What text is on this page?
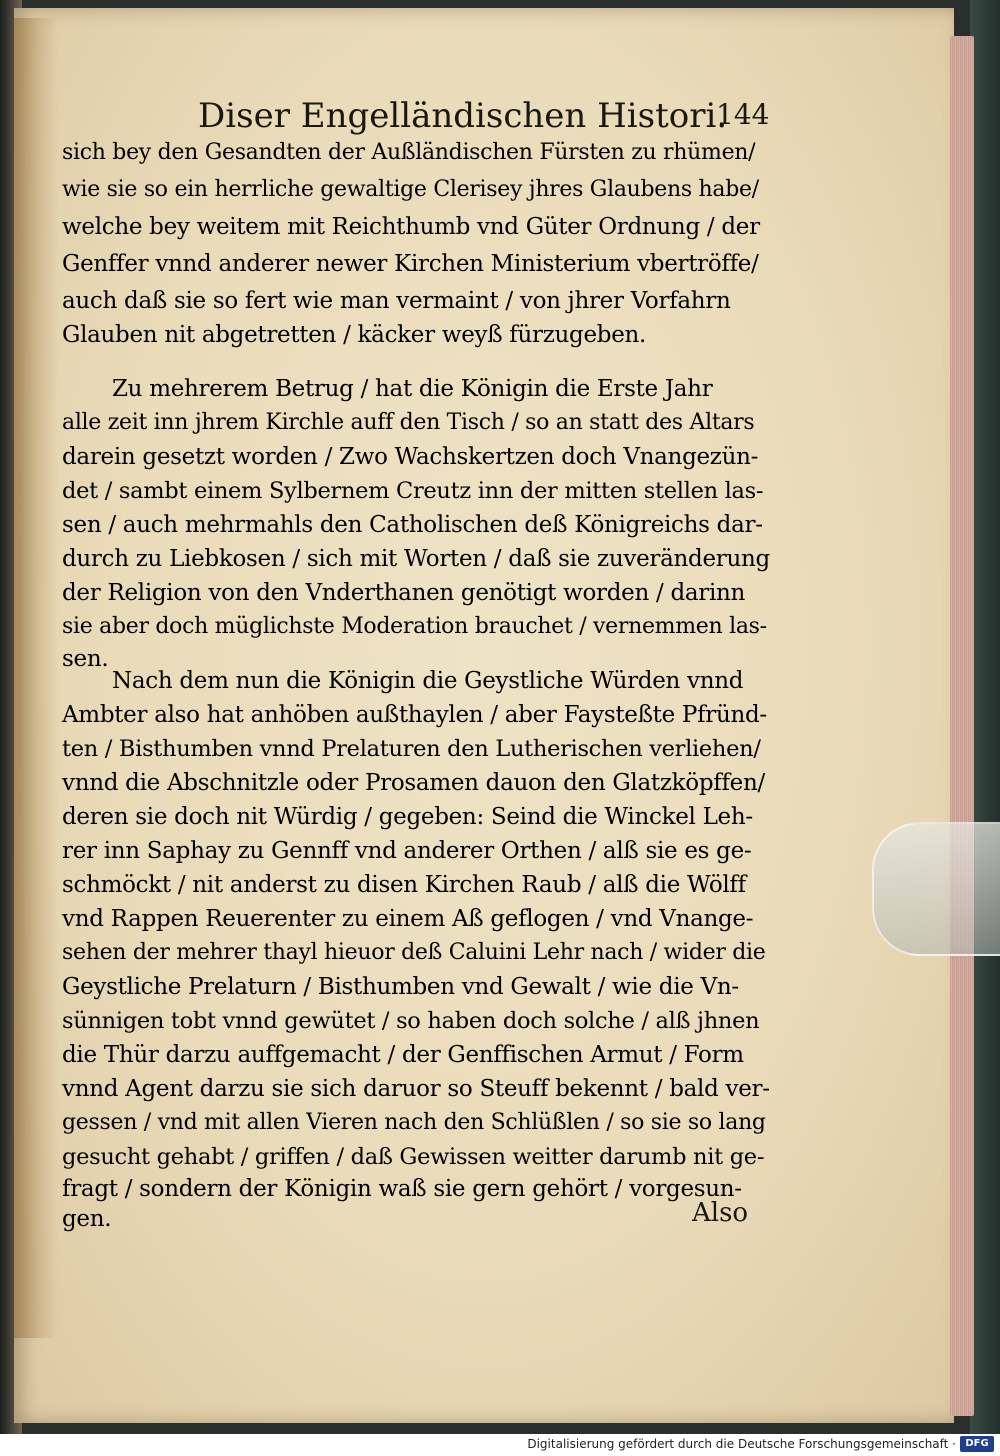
Diser Engelländischen Histori.
144
sich bey den Gesandten der Außländischen Fürsten zu rhümen/
wie sie so ein herrliche gewaltige Clerisey jhres Glaubens habe/
welche bey weitem mit Reichthumb vnd Güter Ordnung / der
Genffer vnnd anderer newer Kirchen Ministerium vbertröffe/
auch daß sie so fert wie man vermaint / von jhrer Vorfahrn
Glauben nit abgetretten / käcker weyß fürzugeben.
Zu mehrerem Betrug / hat die Königin die Erste Jahr
alle zeit inn jhrem Kirchle auff den Tisch / so an statt des Altars
darein gesetzt worden / Zwo Wachskertzen doch Vnangezün-
det / sambt einem Sylbernem Creutz inn der mitten stellen las-
sen / auch mehrmahls den Catholischen deß Königreichs dar-
durch zu Liebkosen / sich mit Worten / daß sie zuveränderung
der Religion von den Vnderthanen genötigt worden / darinn
sie aber doch müglichste Moderation brauchet / vernemmen las-
sen.
Nach dem nun die Königin die Geystliche Würden vnnd
Ambter also hat anhöben außthaylen / aber Faysteßte Pfründ-
ten / Bisthumben vnnd Prelaturen den Lutherischen verliehen/
vnnd die Abschnitzle oder Prosamen dauon den Glatzköpffen/
deren sie doch nit Würdig / gegeben: Seind die Winckel Leh-
rer inn Saphay zu Gennff vnd anderer Orthen / alß sie es ge-
schmöckt / nit anderst zu disen Kirchen Raub / alß die Wölff
vnd Rappen Reuerenter zu einem Aß geflogen / vnd Vnange-
sehen der mehrer thayl hieuor deß Caluini Lehr nach / wider die
Geystliche Prelaturn / Bisthumben vnd Gewalt / wie die Vn-
sünnigen tobt vnnd gewütet / so haben doch solche / alß jhnen
die Thür darzu auffgemacht / der Genffischen Armut / Form
vnnd Agent darzu sie sich daruor so Steuff bekennt / bald ver-
gessen / vnd mit allen Vieren nach den Schlüßlen / so sie so lang
gesucht gehabt / griffen / daß Gewissen weitter darumb nit ge-
fragt / sondern der Königin waß sie gern gehört / vorgesun-
gen.	Also
Digitalisierung gefördert durch die Deutsche Forschungsgemeinschaft · DFG
